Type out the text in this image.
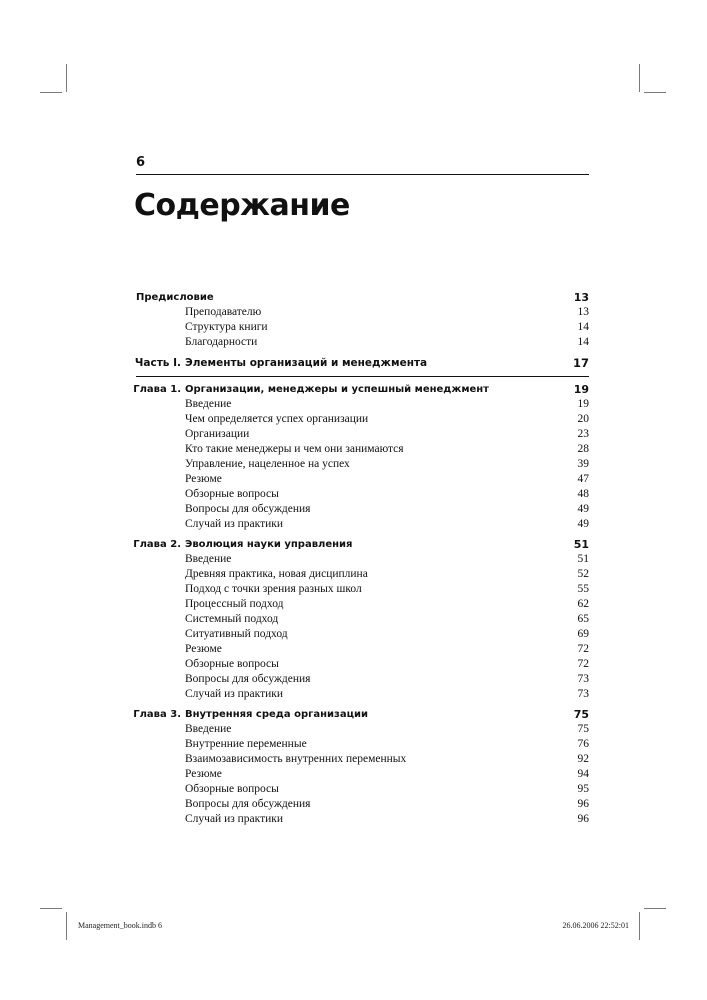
6
Содержание
Предисловие	13
Преподавателю	13
Структура книги	14
Благодарности	14
Часть I. Элементы организаций и менеджмента	17
Глава 1. Организации, менеджеры и успешный менеджмент	19
Введение	19
Чем определяется успех организации	20
Организации	23
Кто такие менеджеры и чем они занимаются	28
Управление, нацеленное на успех	39
Резюме	47
Обзорные вопросы	48
Вопросы для обсуждения	49
Случай из практики	49
Глава 2. Эволюция науки управления	51
Введение	51
Древняя практика, новая дисциплина	52
Подход с точки зрения разных школ	55
Процессный подход	62
Системный подход	65
Ситуативный подход	69
Резюме	72
Обзорные вопросы	72
Вопросы для обсуждения	73
Случай из практики	73
Глава 3. Внутренняя среда организации	75
Введение	75
Внутренние переменные	76
Взаимозависимость внутренних переменных	92
Резюме	94
Обзорные вопросы	95
Вопросы для обсуждения	96
Случай из практики	96
Management_book.indb 6	26.06.2006 22:52:01
